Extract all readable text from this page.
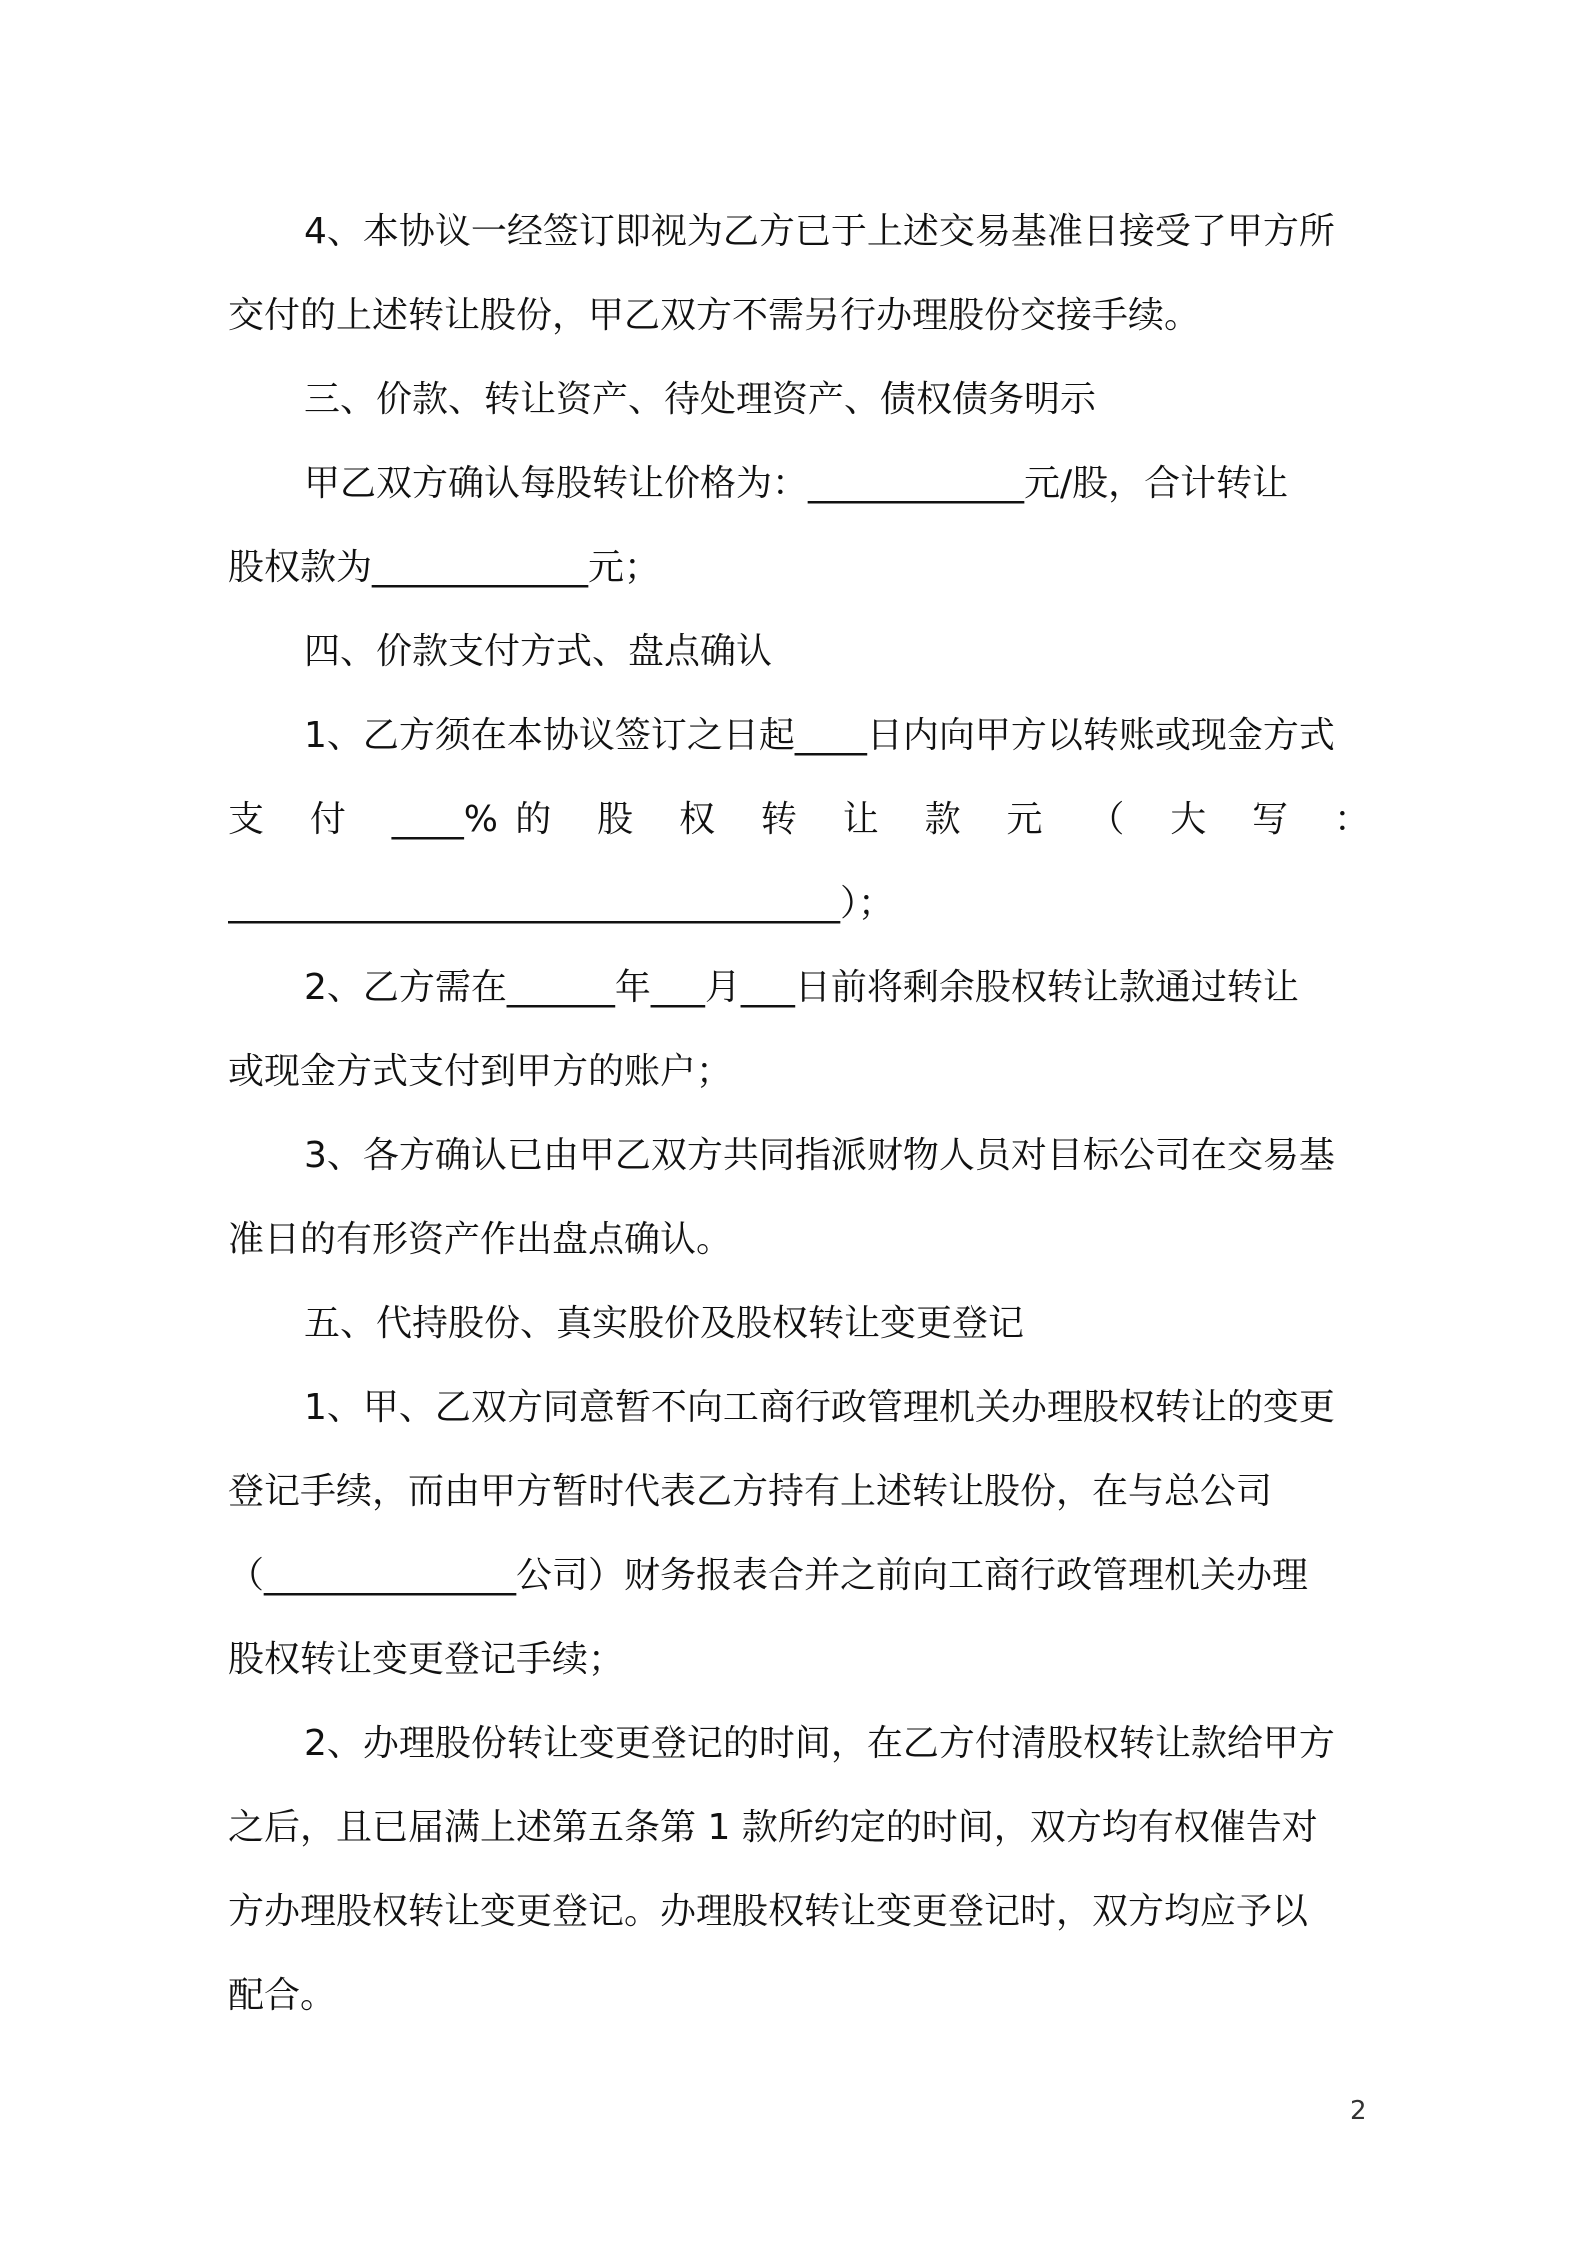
4、本协议一经签订即视为乙方已于上述交易基准日接受了甲方所
交付的上述转让股份，甲乙双方不需另行办理股份交接手续。
三、价款、转让资产、待处理资产、债权债务明示
甲乙双方确认每股转让价格为：____________元/股，合计转让
股权款为____________元；
四、价款支付方式、盘点确认
1、乙方须在本协议签订之日起____日内向甲方以转账或现金方式
支 付 ____%的 股 权 转 让 款 元 （ 大 写 ：
__________________________________）；
2、乙方需在______年___月___日前将剩余股权转让款通过转让
或现金方式支付到甲方的账户；
3、各方确认已由甲乙双方共同指派财物人员对目标公司在交易基
准日的有形资产作出盘点确认。
五、代持股份、真实股价及股权转让变更登记
1、甲、乙双方同意暂不向工商行政管理机关办理股权转让的变更
登记手续，而由甲方暂时代表乙方持有上述转让股份，在与总公司
（______________公司）财务报表合并之前向工商行政管理机关办理
股权转让变更登记手续；
2、办理股份转让变更登记的时间，在乙方付清股权转让款给甲方
之后，且已届满上述第五条第 1 款所约定的时间，双方均有权催告对
方办理股权转让变更登记。办理股权转让变更登记时，双方均应予以
配合。
2
